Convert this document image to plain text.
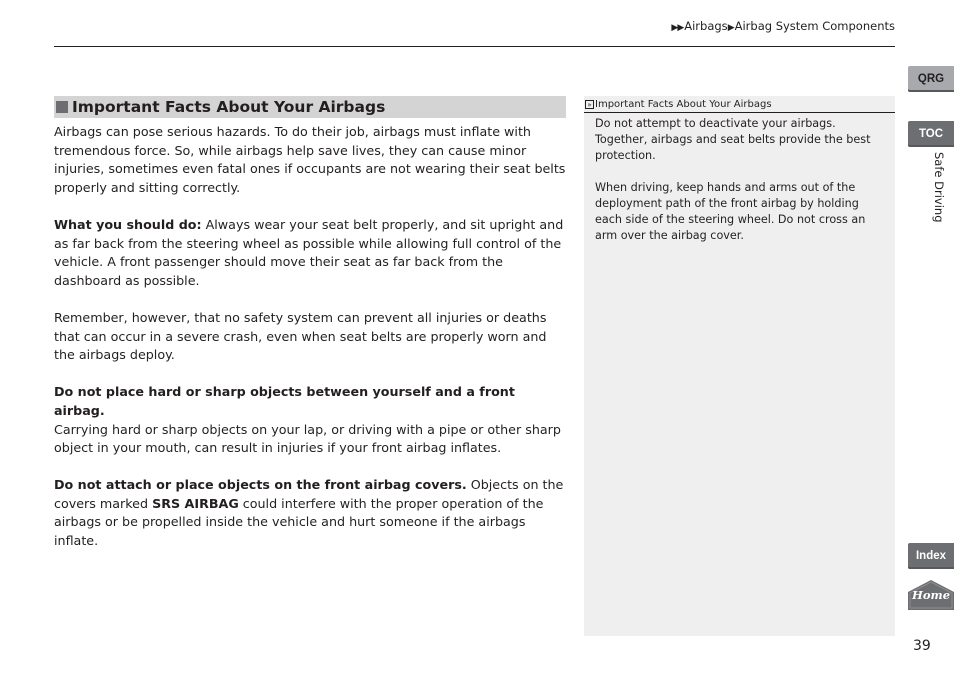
▶▶Airbags▶Airbag System Components
Important Facts About Your Airbags

Airbags can pose serious hazards. To do their job, airbags must inflate with tremendous force. So, while airbags help save lives, they can cause minor injuries, sometimes even fatal ones if occupants are not wearing their seat belts properly and sitting correctly.

What you should do: Always wear your seat belt properly, and sit upright and as far back from the steering wheel as possible while allowing full control of the vehicle. A front passenger should move their seat as far back from the dashboard as possible.

Remember, however, that no safety system can prevent all injuries or deaths that can occur in a severe crash, even when seat belts are properly worn and the airbags deploy.

Do not place hard or sharp objects between yourself and a front airbag.
Carrying hard or sharp objects on your lap, or driving with a pipe or other sharp object in your mouth, can result in injuries if your front airbag inflates.

Do not attach or place objects on the front airbag covers. Objects on the covers marked SRS AIRBAG could interfere with the proper operation of the airbags or be propelled inside the vehicle and hurt someone if the airbags inflate.

» Important Facts About Your Airbags

Do not attempt to deactivate your airbags. Together, airbags and seat belts provide the best protection.

When driving, keep hands and arms out of the deployment path of the front airbag by holding each side of the steering wheel. Do not cross an arm over the airbag cover.

QRG
TOC
Safe Driving
Index
Home
39
